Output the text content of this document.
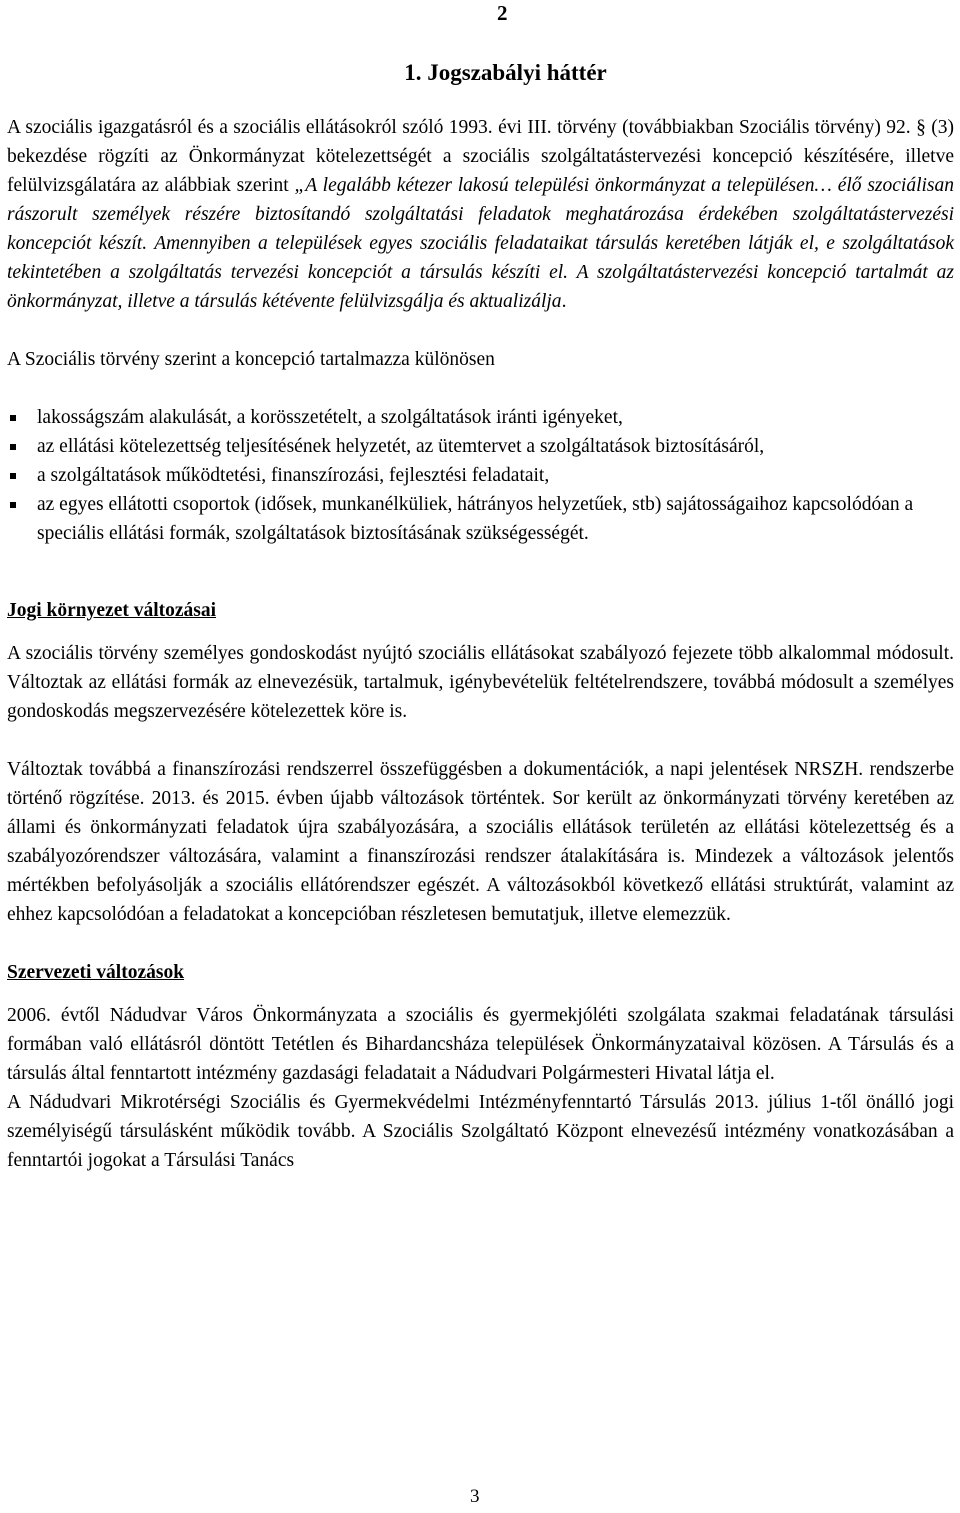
2
1. Jogszabályi háttér

A szociális igazgatásról és a szociális ellátásokról szóló 1993. évi III. törvény (továbbiakban Szociális törvény) 92. § (3) bekezdése rögzíti az Önkormányzat kötelezettségét a szociális szolgáltatástervezési koncepció készítésére, illetve felülvizsgálatára az alábbiak szerint „A legalább kétezer lakosú települési önkormányzat a településen… élő szociálisan rászorult személyek részére biztosítandó szolgáltatási feladatok meghatározása érdekében szolgáltatástervezési koncepciót készít. Amennyiben a települések egyes szociális feladataikat társulás keretében látják el, e szolgáltatások tekintetében a szolgáltatás tervezési koncepciót a társulás készíti el. A szolgáltatástervezési koncepció tartalmát az önkormányzat, illetve a társulás kétévente felülvizsgálja és aktualizálja.

A Szociális törvény szerint a koncepció tartalmazza különösen

lakosságszám alakulását, a korösszetételt, a szolgáltatások iránti igényeket,
az ellátási kötelezettség teljesítésének helyzetét, az ütemtervet a szolgáltatások biztosításáról,
a szolgáltatások működtetési, finanszírozási, fejlesztési feladatait,
az egyes ellátotti csoportok (idősek, munkanélküliek, hátrányos helyzetűek, stb) sajátosságaihoz kapcsolódóan a speciális ellátási formák, szolgáltatások biztosításának szükségességét.

Jogi környezet változásai

A szociális törvény személyes gondoskodást nyújtó szociális ellátásokat szabályozó fejezete több alkalommal módosult. Változtak az ellátási formák az elnevezésük, tartalmuk, igénybevételük feltételrendszere, továbbá módosult a személyes gondoskodás megszervezésére kötelezettek köre is.

Változtak továbbá a finanszírozási rendszerrel összefüggésben a dokumentációk, a napi jelentések NRSZH. rendszerbe történő rögzítése. 2013. és 2015. évben újabb változások történtek. Sor került az önkormányzati törvény keretében az állami és önkormányzati feladatok újra szabályozására, a szociális ellátások területén az ellátási kötelezettség és a szabályozórendszer változására, valamint a finanszírozási rendszer átalakítására is. Mindezek a változások jelentős mértékben befolyásolják a szociális ellátórendszer egészét. A változásokból következő ellátási struktúrát, valamint az ehhez kapcsolódóan a feladatokat a koncepcióban részletesen bemutatjuk, illetve elemezzük.

Szervezeti változások

2006. évtől Nádudvar Város Önkormányzata a szociális és gyermekjóléti szolgálata szakmai feladatának társulási formában való ellátásról döntött Tetétlen és Bihardancsháza települések Önkormányzataival közösen. A Társulás és a társulás által fenntartott intézmény gazdasági feladatait a Nádudvari Polgármesteri Hivatal látja el.

A Nádudvari Mikrotérségi Szociális és Gyermekvédelmi Intézményfenntartó Társulás 2013. július 1-től önálló jogi személyiségű társulásként működik tovább. A Szociális Szolgáltató Központ elnevezésű intézmény vonatkozásában a fenntartói jogokat a Társulási Tanács

3
